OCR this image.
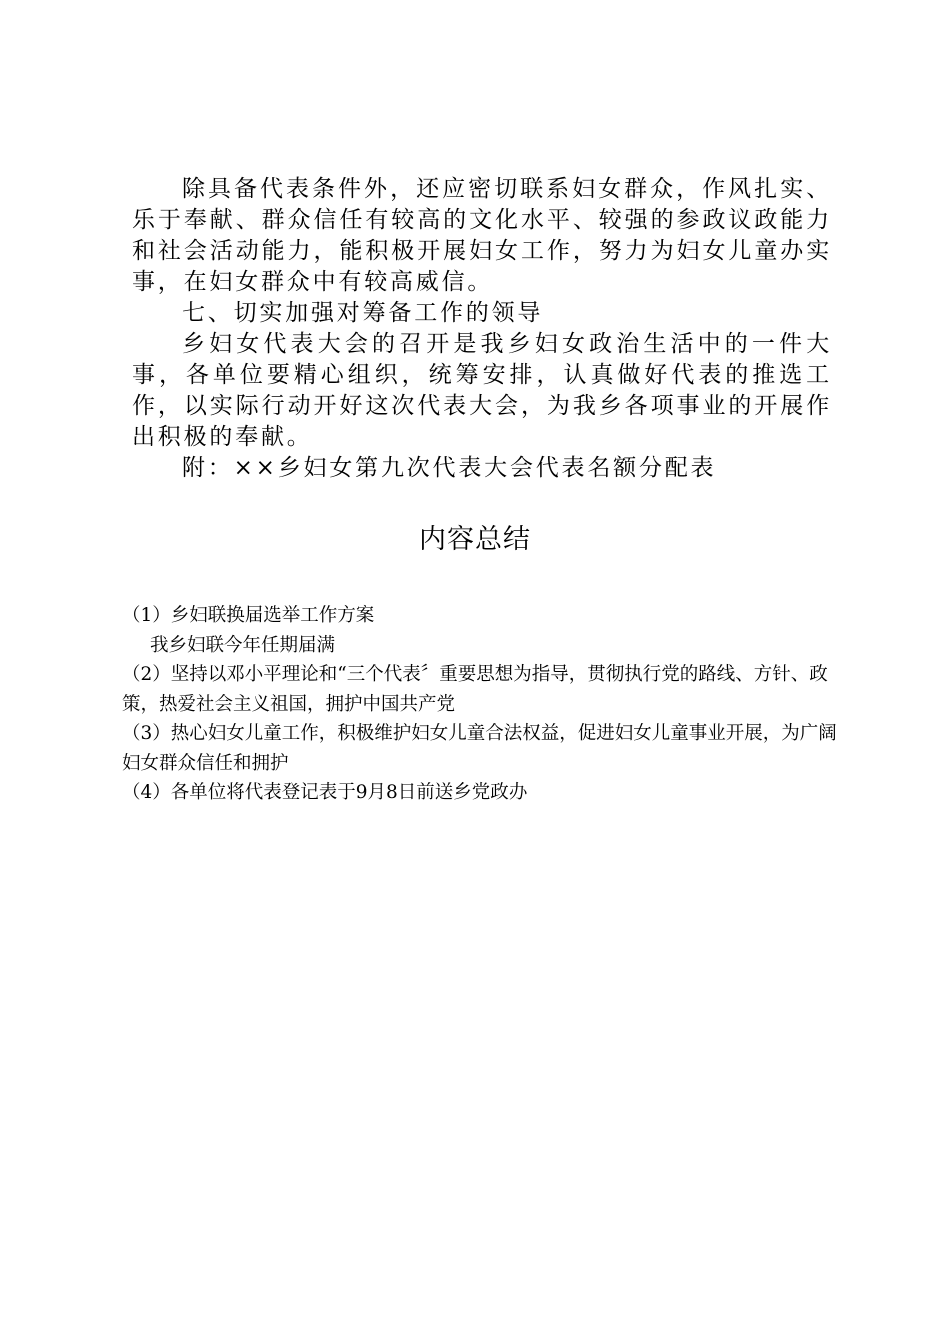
除具备代表条件外，还应密切联系妇女群众，作风扎实、乐于奉献、群众信任有较高的文化水平、较强的参政议政能力和社会活动能力，能积极开展妇女工作，努力为妇女儿童办实事，在妇女群众中有较高威信。

七、切实加强对筹备工作的领导

乡妇女代表大会的召开是我乡妇女政治生活中的一件大事，各单位要精心组织，统筹安排，认真做好代表的推选工作，以实际行动开好这次代表大会，为我乡各项事业的开展作出积极的奉献。

附：××乡妇女第九次代表大会代表名额分配表

内容总结

（1）乡妇联换届选举工作方案

我乡妇联今年任期届满

（2）坚持以邓小平理论和“三个代表〞重要思想为指导，贯彻执行党的路线、方针、政策，热爱社会主义祖国，拥护中国共产党

（3）热心妇女儿童工作，积极维护妇女儿童合法权益，促进妇女儿童事业开展，为广阔妇女群众信任和拥护

（4）各单位将代表登记表于9月8日前送乡党政办
